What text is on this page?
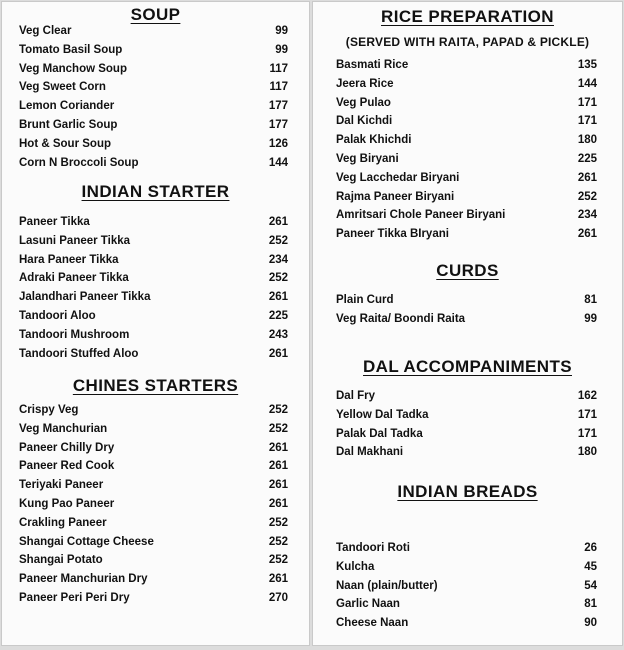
SOUP
Veg Clear	99
Tomato Basil Soup	99
Veg Manchow Soup	117
Veg Sweet Corn	117
Lemon Coriander	177
Brunt Garlic Soup	177
Hot & Sour Soup	126
Corn N Broccoli Soup	144
INDIAN STARTER
Paneer Tikka	261
Lasuni Paneer Tikka	252
Hara Paneer Tikka	234
Adraki Paneer Tikka	252
Jalandhari Paneer Tikka	261
Tandoori Aloo	225
Tandoori Mushroom	243
Tandoori Stuffed Aloo	261
CHINES STARTERS
Crispy Veg	252
Veg Manchurian	252
Paneer Chilly Dry	261
Paneer Red Cook	261
Teriyaki Paneer	261
Kung Pao Paneer	261
Crakling Paneer	252
Shangai Cottage Cheese	252
Shangai Potato	252
Paneer Manchurian Dry	261
Paneer Peri Peri Dry	270
RICE PREPARATION
(SERVED WITH RAITA, PAPAD & PICKLE)
Basmati Rice	135
Jeera Rice	144
Veg Pulao	171
Dal Kichdi	171
Palak Khichdi	180
Veg Biryani	225
Veg Lacchedar Biryani	261
Rajma Paneer Biryani	252
Amritsari Chole Paneer Biryani	234
Paneer Tikka BIryani	261
CURDS
Plain Curd	81
Veg Raita/ Boondi Raita	99
DAL ACCOMPANIMENTS
Dal Fry	162
Yellow Dal Tadka	171
Palak Dal Tadka	171
Dal Makhani	180
INDIAN BREADS
Tandoori Roti	26
Kulcha	45
Naan (plain/butter)	54
Garlic Naan	81
Cheese Naan	90
